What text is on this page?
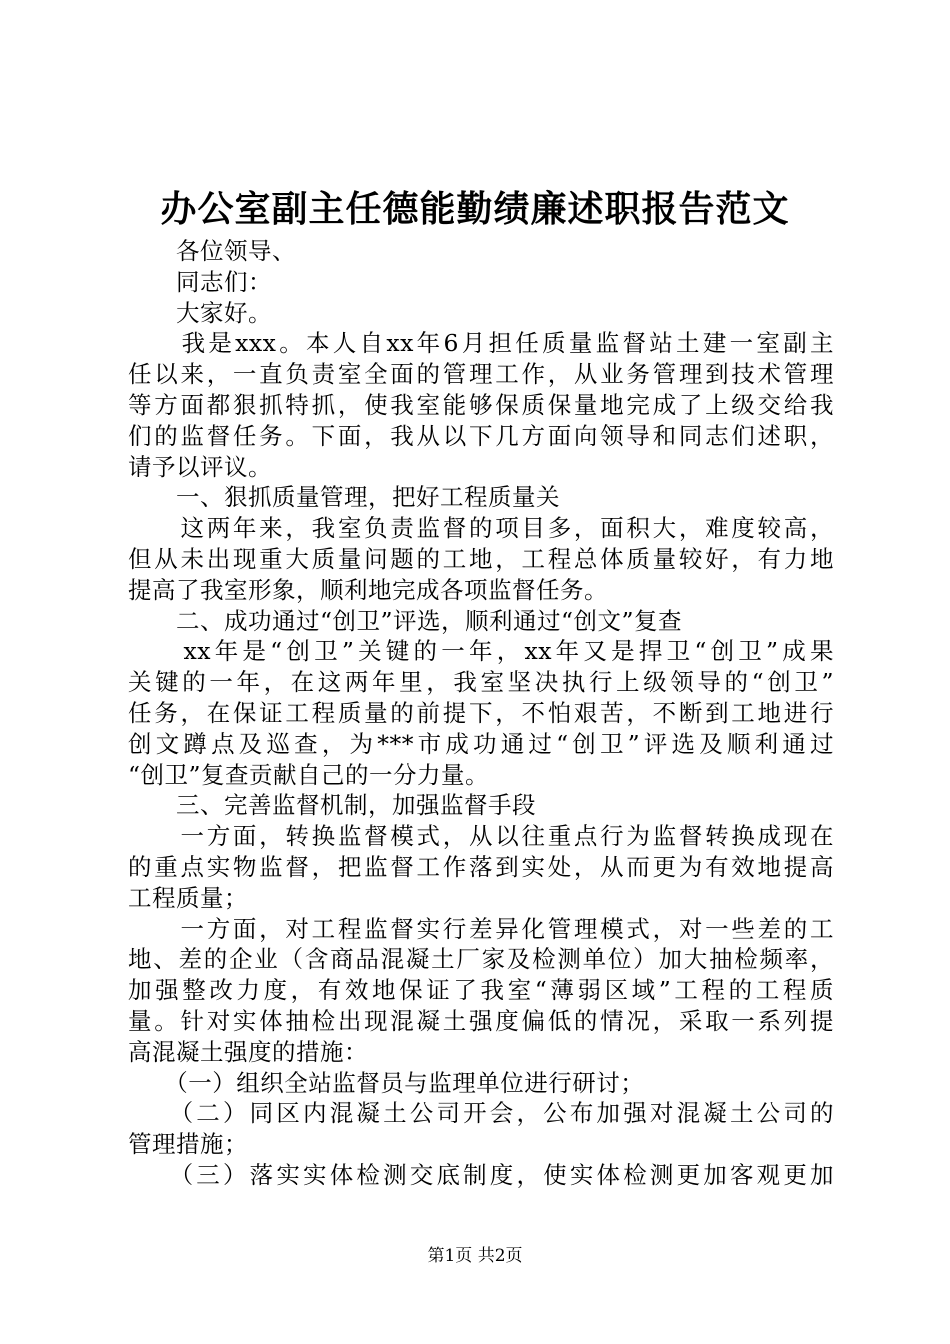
办公室副主任德能勤绩廉述职报告范文
　　各位领导、
　　同志们：
　　大家好。
　　我是xxx。本人自xx年6月担任质量监督站土建一室副主
任以来，一直负责室全面的管理工作，从业务管理到技术管理
等方面都狠抓特抓，使我室能够保质保量地完成了上级交给我
们的监督任务。下面，我从以下几方面向领导和同志们述职，
请予以评议。
　　一、狠抓质量管理，把好工程质量关
　　这两年来，我室负责监督的项目多，面积大，难度较高，
但从未出现重大质量问题的工地，工程总体质量较好，有力地
提高了我室形象，顺利地完成各项监督任务。
　　二、成功通过“创卫”评选，顺利通过“创文”复查
　　xx年是“创卫”关键的一年，xx年又是捍卫“创卫”成果
关键的一年，在这两年里，我室坚决执行上级领导的“创卫”
任务，在保证工程质量的前提下，不怕艰苦，不断到工地进行
创文蹲点及巡查，为***市成功通过“创卫”评选及顺利通过
“创卫”复查贡献自己的一分力量。
　　三、完善监督机制，加强监督手段
　　一方面，转换监督模式，从以往重点行为监督转换成现在
的重点实物监督，把监督工作落到实处，从而更为有效地提高
工程质量；
　　一方面，对工程监督实行差异化管理模式，对一些差的工
地、差的企业（含商品混凝土厂家及检测单位）加大抽检频率，
加强整改力度，有效地保证了我室“薄弱区域”工程的工程质
量。针对实体抽检出现混凝土强度偏低的情况，采取一系列提
高混凝土强度的措施：
　　（一）组织全站监督员与监理单位进行研讨；
　　（二）同区内混凝土公司开会，公布加强对混凝土公司的
管理措施；
　　（三）落实实体检测交底制度，使实体检测更加客观更加
第1页 共2页
